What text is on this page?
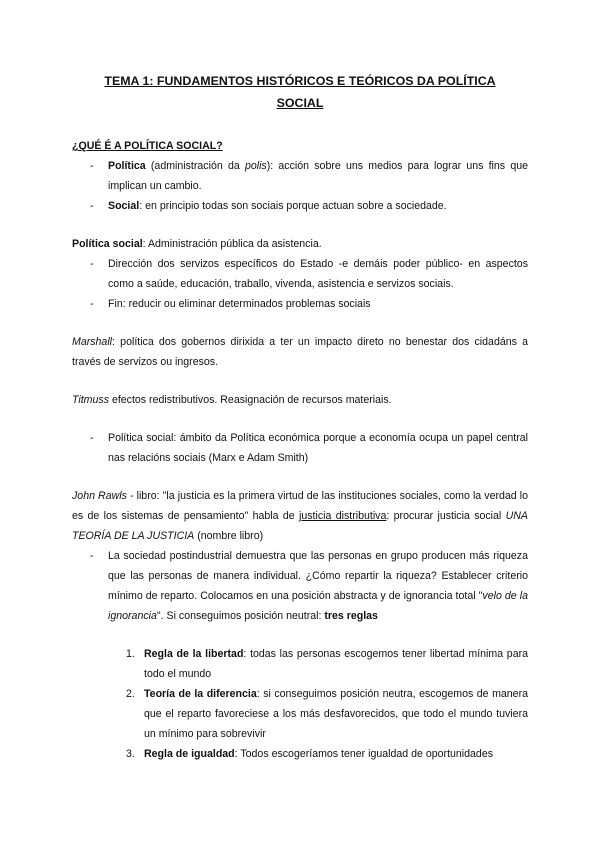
TEMA 1: FUNDAMENTOS HISTÓRICOS E TEÓRICOS DA POLÍTICA
SOCIAL

¿QUÉ É A POLÍTICA SOCIAL?

- Política (administración da polis): acción sobre uns medios para lograr uns fins que implican un cambio.
- Social: en principio todas son sociais porque actuan sobre a sociedade.

Política social: Administración pública da asistencia.

- Dirección dos servizos específicos do Estado -e demáis poder público- en aspectos como a saúde, educación, traballo, vivenda, asistencia e servizos sociais.
- Fin: reducir ou eliminar determinados problemas sociais

Marshall: política dos gobernos dirixida a ter un impacto direto no benestar dos cidadáns a través de servizos ou ingresos.

Titmuss efectos redistributivos. Reasignación de recursos materiais.

- Política social: ámbito da Política económica porque a economía ocupa un papel central nas relacións sociais (Marx e Adam Smith)

John Rawls - libro: "la justicia es la primera virtud de las instituciones sociales, como la verdad lo es de los sistemas de pensamiento" habla de justicia distributiva: procurar justicia social UNA TEORÍA DE LA JUSTICIA (nombre libro)

- La sociedad postindustrial demuestra que las personas en grupo producen más riqueza que las personas de manera individual. ¿Cómo repartir la riqueza? Establecer criterio mínimo de reparto. Colocamos en una posición abstracta y de ignorancia total "velo de la ignorancia". Si conseguimos posición neutral: tres reglas
1. Regla de la libertad: todas las personas escogemos tener libertad mínima para todo el mundo
2. Teoría de la diferencia: si conseguimos posición neutra, escogemos de manera que el reparto favoreciese a los más desfavorecidos, que todo el mundo tuviera un mínimo para sobrevivir
3. Regla de igualdad: Todos escogeríamos tener igualdad de oportunidades
